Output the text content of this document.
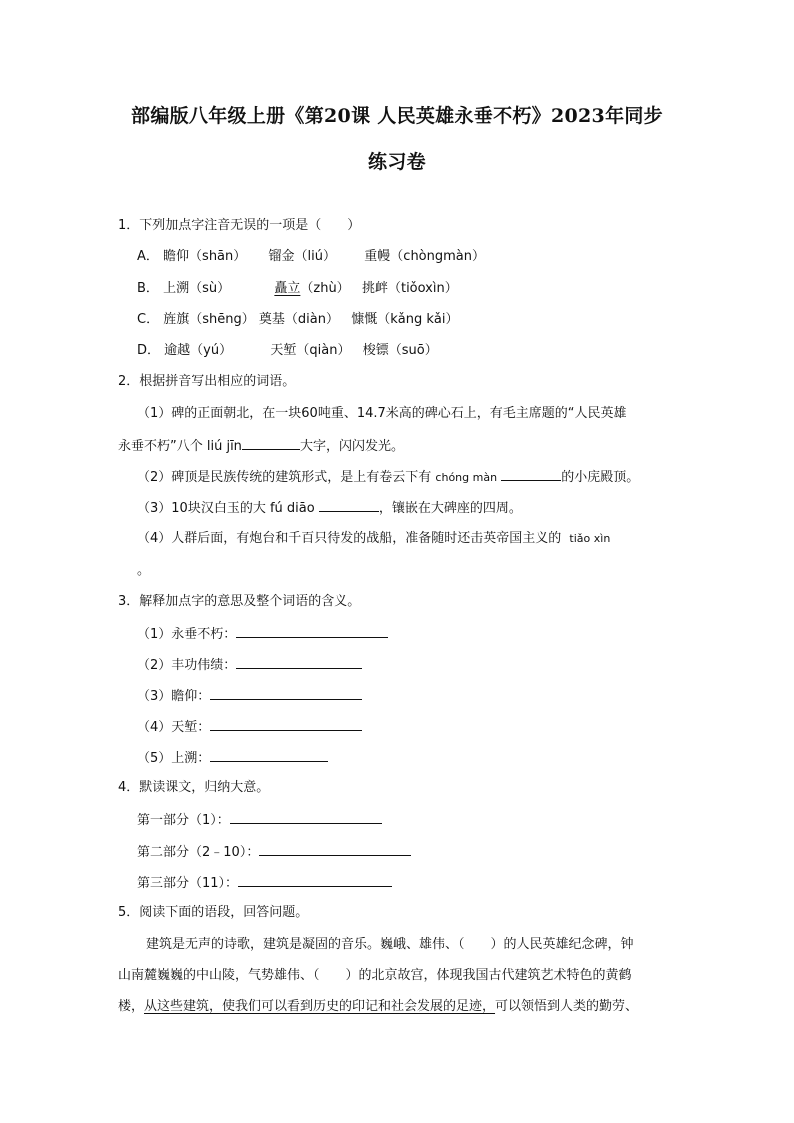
部编版八年级上册《第20课 人民英雄永垂不朽》2023年同步
练习卷
1．下列加点字注音无误的一项是（　　）
A． 瞻仰（shān） 镏金（liú） 重幔（chòngmàn）
B． 上溯（sù）	矗立（zhù） 挑衅（tiǒoxìn）
C． 旌旗（shēng） 奠基（diàn） 慷慨（kǎng kǎi）
D． 逾越（yú）	天堑（qiàn） 梭镖（suō）
2．根据拼音写出相应的词语。
（1）碑的正面朝北，在一块60吨重、14.7米高的碑心石上，有毛主席题的“人民英雄
永垂不朽”八个 liú jīn	大字，闪闪发光。
（2）碑顶是民族传统的建筑形式，是上有卷云下有 chóng màn	的小庑殿顶。
（3）10块汉白玉的大 fú diāo	，镶嵌在大碑座的四周。
（4）人群后面，有炮台和千百只待发的战船，准备随时还击英帝国主义的 tiǎo xìn
。
3．解释加点字的意思及整个词语的含义。
（1）永垂不朽：
（2）丰功伟绩：
（3）瞻仰：
（4）天堑：
（5）上溯：
4．默读课文，归纳大意。
第一部分（1）：
第二部分（2﹣10）：
第三部分（11）：
5．阅读下面的语段，回答问题。
建筑是无声的诗歌，建筑是凝固的音乐。巍峨、雄伟、（　　）的人民英雄纪念碑，钟
山南麓巍巍的中山陵，气势雄伟、（　　）的北京故宫，体现我国古代建筑艺术特色的黄鹤
楼，从这些建筑，使我们可以看到历史的印记和社会发展的足迹，可以领悟到人类的勤劳、
